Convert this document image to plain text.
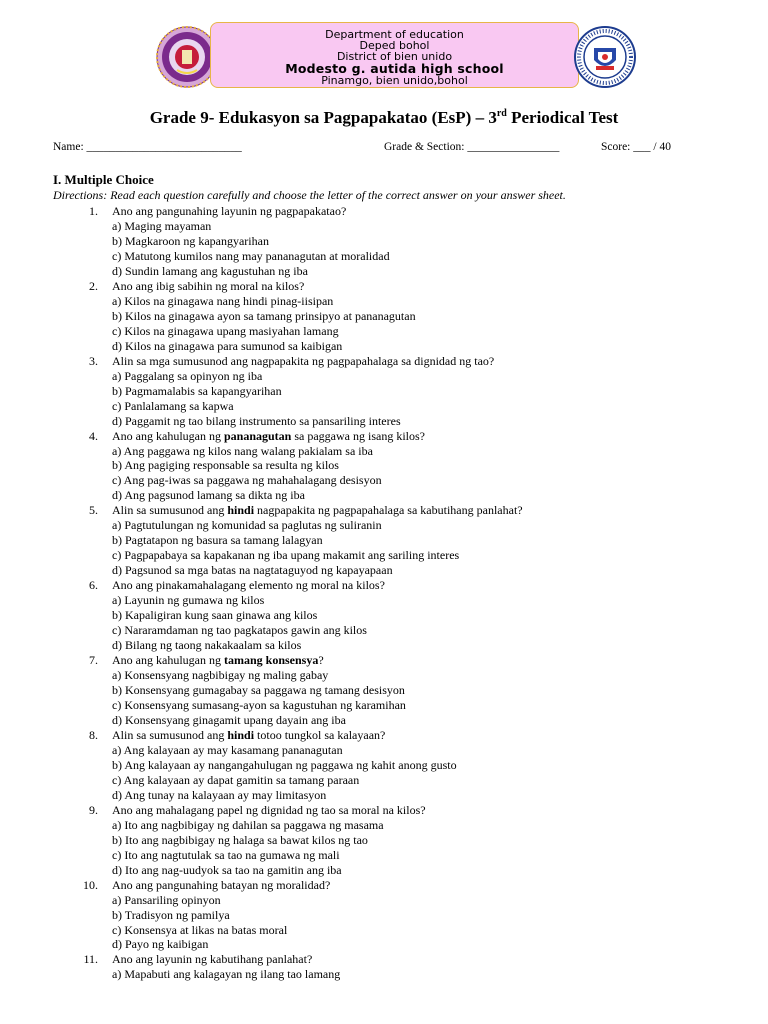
Department of education
Deped bohol
District of bien unido
Modesto g. autida high school
Pinamgo, bien unido,bohol
Grade 9- Edukasyon sa Pagpapakatao (EsP) – 3rd Periodical Test
Name: ___________________________	Grade & Section: ________________	Score: ___ / 40
I. Multiple Choice
Directions: Read each question carefully and choose the letter of the correct answer on your answer sheet.
1. Ano ang pangunahing layunin ng pagpapakatao?
a) Maging mayaman
b) Magkaroon ng kapangyarihan
c) Matutong kumilos nang may pananagutan at moralidad
d) Sundin lamang ang kagustuhan ng iba
2. Ano ang ibig sabihin ng moral na kilos?
a) Kilos na ginagawa nang hindi pinag-iisipan
b) Kilos na ginagawa ayon sa tamang prinsipyo at pananagutan
c) Kilos na ginagawa upang masiyahan lamang
d) Kilos na ginagawa para sumunod sa kaibigan
3. Alin sa mga sumusunod ang nagpapakita ng pagpapahalaga sa dignidad ng tao?
a) Paggalang sa opinyon ng iba
b) Pagmamalabis sa kapangyarihan
c) Panlalamang sa kapwa
d) Paggamit ng tao bilang instrumento sa pansariling interes
4. Ano ang kahulugan ng pananagutan sa paggawa ng isang kilos?
a) Ang paggawa ng kilos nang walang pakialam sa iba
b) Ang pagiging responsable sa resulta ng kilos
c) Ang pag-iwas sa paggawa ng mahahalagang desisyon
d) Ang pagsunod lamang sa dikta ng iba
5. Alin sa sumusunod ang hindi nagpapakita ng pagpapahalaga sa kabutihang panlahat?
a) Pagtutulungan ng komunidad sa paglutas ng suliranin
b) Pagtatapon ng basura sa tamang lalagyan
c) Pagpapabaya sa kapakanan ng iba upang makamit ang sariling interes
d) Pagsunod sa mga batas na nagtataguyod ng kapayapaan
6. Ano ang pinakamahalagang elemento ng moral na kilos?
a) Layunin ng gumawa ng kilos
b) Kapaligiran kung saan ginawa ang kilos
c) Nararamdaman ng tao pagkatapos gawin ang kilos
d) Bilang ng taong nakakaalam sa kilos
7. Ano ang kahulugan ng tamang konsensya?
a) Konsensyang nagbibigay ng maling gabay
b) Konsensyang gumagabay sa paggawa ng tamang desisyon
c) Konsensyang sumasang-ayon sa kagustuhan ng karamihan
d) Konsensyang ginagamit upang dayain ang iba
8. Alin sa sumusunod ang hindi totoo tungkol sa kalayaan?
a) Ang kalayaan ay may kasamang pananagutan
b) Ang kalayaan ay nangangahulugan ng paggawa ng kahit anong gusto
c) Ang kalayaan ay dapat gamitin sa tamang paraan
d) Ang tunay na kalayaan ay may limitasyon
9. Ano ang mahalagang papel ng dignidad ng tao sa moral na kilos?
a) Ito ang nagbibigay ng dahilan sa paggawa ng masama
b) Ito ang nagbibigay ng halaga sa bawat kilos ng tao
c) Ito ang nagtutulak sa tao na gumawa ng mali
d) Ito ang nag-uudyok sa tao na gamitin ang iba
10. Ano ang pangunahing batayan ng moralidad?
a) Pansariling opinyon
b) Tradisyon ng pamilya
c) Konsensya at likas na batas moral
d) Payo ng kaibigan
11. Ano ang layunin ng kabutihang panlahat?
a) Mapabuti ang kalagayan ng ilang tao lamang
